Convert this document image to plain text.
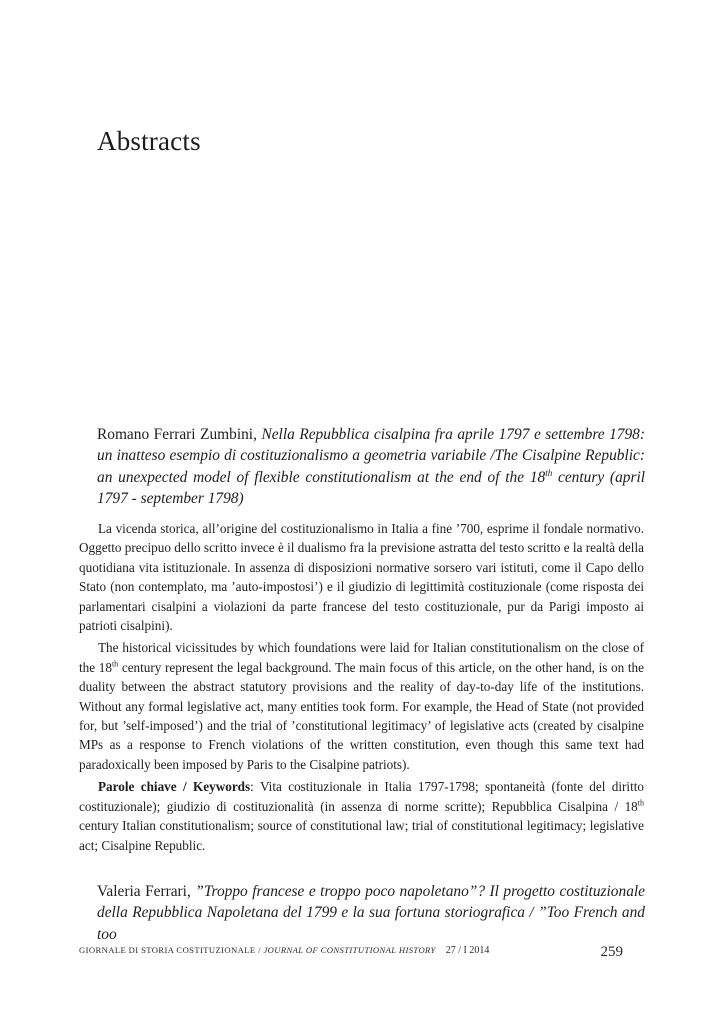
Abstracts

Romano Ferrari Zumbini, Nella Repubblica cisalpina fra aprile 1797 e settembre 1798: un inatteso esempio di costituzionalismo a geometria variabile /The Cisalpine Republic: an unexpected model of flexible constitutionalism at the end of the 18th century (april 1797 - september 1798)

La vicenda storica, all’origine del costituzionalismo in Italia a fine ’700, esprime il fondale normativo. Oggetto precipuo dello scritto invece è il dualismo fra la previsione astratta del testo scritto e la realtà della quotidiana vita istituzionale. In assenza di disposizioni normative sorsero vari istituti, come il Capo dello Stato (non contemplato, ma ’auto-impostosi’) e il giudizio di legittimità costituzionale (come risposta dei parlamentari cisalpini a violazioni da parte francese del testo costituzionale, pur da Parigi imposto ai patrioti cisalpini).

The historical vicissitudes by which foundations were laid for Italian constitutionalism on the close of the 18th century represent the legal background. The main focus of this article, on the other hand, is on the duality between the abstract statutory provisions and the reality of day-to-day life of the institutions. Without any formal legislative act, many entities took form. For example, the Head of State (not provided for, but ’self-imposed’) and the trial of ’constitutional legitimacy’ of legislative acts (created by cisalpine MPs as a response to French violations of the written constitution, even though this same text had paradoxically been imposed by Paris to the Cisalpine patriots).

Parole chiave / Keywords: Vita costituzionale in Italia 1797-1798; spontaneità (fonte del diritto costituzionale); giudizio di costituzionalità (in assenza di norme scritte); Repubblica Cisalpina / 18th century Italian constitutionalism; source of constitutional law; trial of constitutional legitimacy; legislative act; Cisalpine Republic.

Valeria Ferrari, ”Troppo francese e troppo poco napoletano”? Il progetto costituzionale della Repubblica Napoletana del 1799 e la sua fortuna storiografica / ”Too French and too

GIORNALE DI STORIA COSTITUZIONALE / JOURNAL OF CONSTITUTIONAL HISTORY 27 / I 2014	259
